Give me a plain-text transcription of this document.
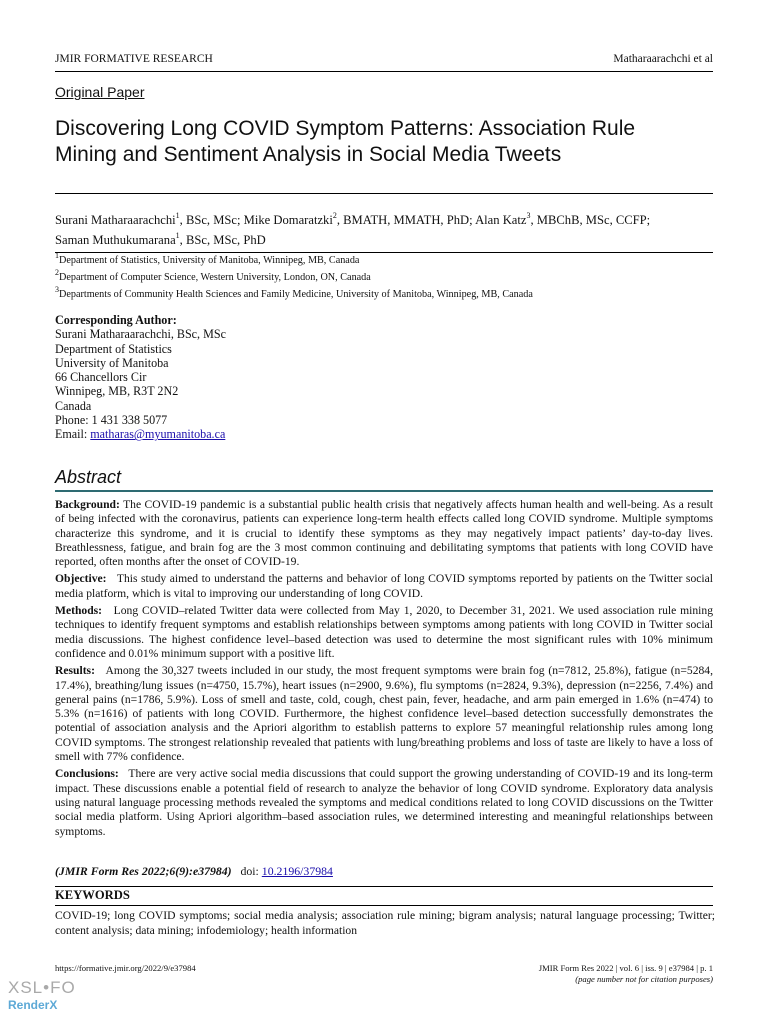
JMIR FORMATIVE RESEARCH	Matharaarachchi et al
Original Paper
Discovering Long COVID Symptom Patterns: Association Rule
Mining and Sentiment Analysis in Social Media Tweets
Surani Matharaarachchi$^1$, BSc, MSc; Mike Domaratzki$^2$, BMATH, MMATH, PhD; Alan Katz$^3$, MBChB, MSc, CCFP;
Saman Muthukumarana$^1$, BSc, MSc, PhD
$^1$Department of Statistics, University of Manitoba, Winnipeg, MB, Canada
$^2$Department of Computer Science, Western University, London, ON, Canada
$^3$Departments of Community Health Sciences and Family Medicine, University of Manitoba, Winnipeg, MB, Canada
Corresponding Author:
Surani Matharaarachchi, BSc, MSc
Department of Statistics
University of Manitoba
66 Chancellors Cir
Winnipeg, MB, R3T 2N2
Canada
Phone: 1 431 338 5077
Email: matharas@myumanitoba.ca
Abstract

Background: The COVID-19 pandemic is a substantial public health crisis that negatively affects human health and well-being. As a result of being infected with the coronavirus, patients can experience long-term health effects called long COVID syndrome. Multiple symptoms characterize this syndrome, and it is crucial to identify these symptoms as they may negatively impact patients’ day-to-day lives. Breathlessness, fatigue, and brain fog are the 3 most common continuing and debilitating symptoms that patients with long COVID have reported, often months after the onset of COVID-19.

Objective: This study aimed to understand the patterns and behavior of long COVID symptoms reported by patients on the Twitter social media platform, which is vital to improving our understanding of long COVID.

Methods: Long COVID–related Twitter data were collected from May 1, 2020, to December 31, 2021. We used association rule mining techniques to identify frequent symptoms and establish relationships between symptoms among patients with long COVID in Twitter social media discussions. The highest confidence level–based detection was used to determine the most significant rules with 10% minimum confidence and 0.01% minimum support with a positive lift.

Results: Among the 30,327 tweets included in our study, the most frequent symptoms were brain fog (n=7812, 25.8%), fatigue (n=5284, 17.4%), breathing/lung issues (n=4750, 15.7%), heart issues (n=2900, 9.6%), flu symptoms (n=2824, 9.3%), depression (n=2256, 7.4%) and general pains (n=1786, 5.9%). Loss of smell and taste, cold, cough, chest pain, fever, headache, and arm pain emerged in 1.6% (n=474) to 5.3% (n=1616) of patients with long COVID. Furthermore, the highest confidence level–based detection successfully demonstrates the potential of association analysis and the Apriori algorithm to establish patterns to explore 57 meaningful relationship rules among long COVID symptoms. The strongest relationship revealed that patients with lung/breathing problems and loss of taste are likely to have a loss of smell with 77% confidence.

Conclusions: There are very active social media discussions that could support the growing understanding of COVID-19 and its long-term impact. These discussions enable a potential field of research to analyze the behavior of long COVID syndrome. Exploratory data analysis using natural language processing methods revealed the symptoms and medical conditions related to long COVID discussions on the Twitter social media platform. Using Apriori algorithm–based association rules, we determined interesting and meaningful relationships between symptoms.

(JMIR Form Res 2022;6(9):e37984) doi: 10.2196/37984
KEYWORDS
COVID-19; long COVID symptoms; social media analysis; association rule mining; bigram analysis; natural language processing; Twitter; content analysis; data mining; infodemiology; health information
https://formative.jmir.org/2022/9/e37984	JMIR Form Res 2022 | vol. 6 | iss. 9 | e37984 | p. 1
(page number not for citation purposes)
XSL•FO
RenderX
